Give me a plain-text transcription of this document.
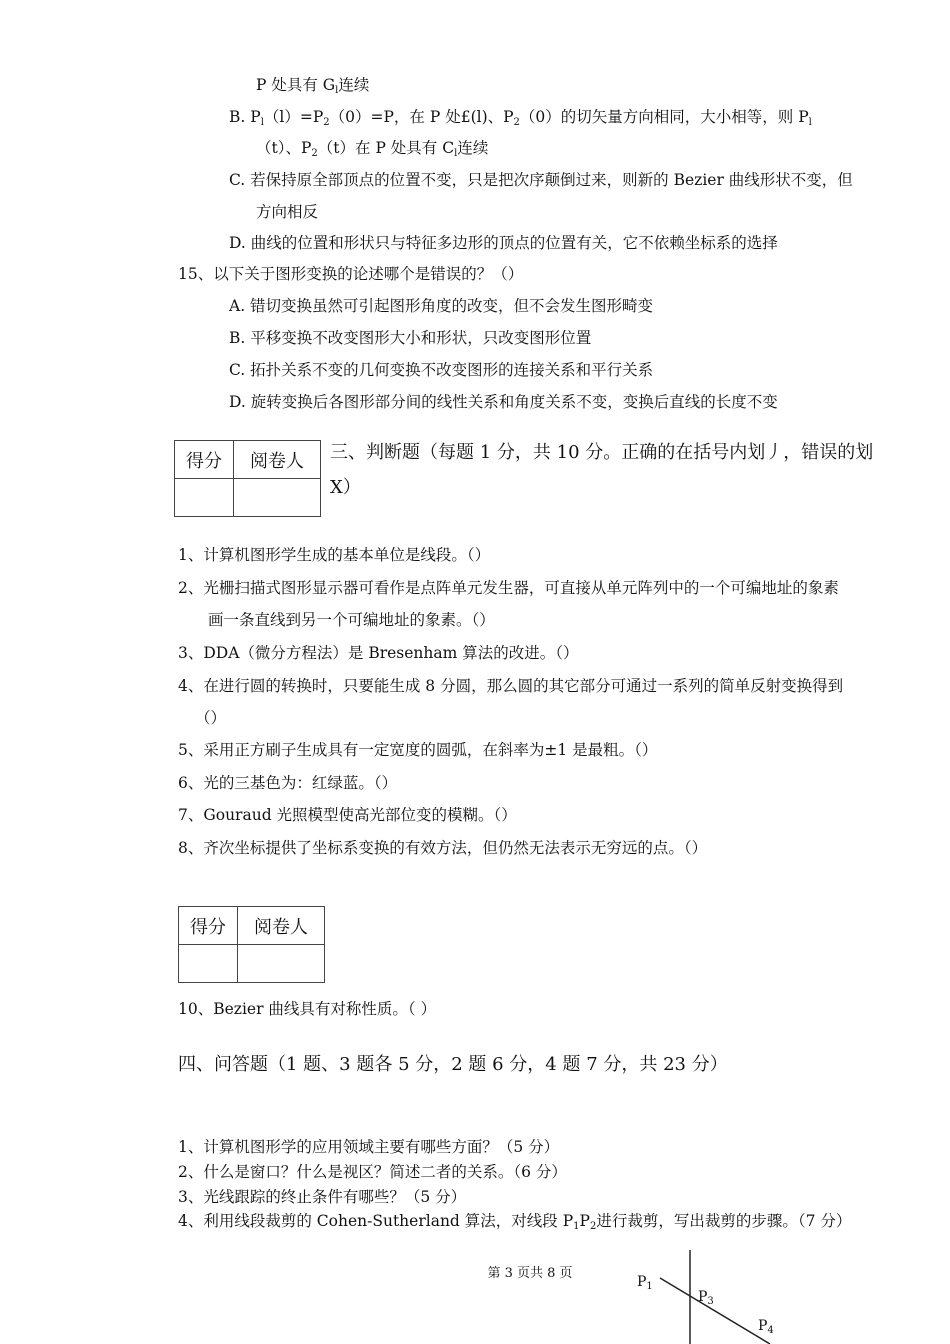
P 处具有 $G_l$连续
B. $P_l(l)=P_2(0)=P$，在 P 处£(l)、$P_2(0)$的切矢量方向相同，大小相等，则 $P_l$
（t）、$P_2(t)$在 P 处具有 $C_l$连续
C. 若保持原全部顶点的位置不变，只是把次序颠倒过来，则新的 Bezier 曲线形状不变，但
方向相反
D. 曲线的位置和形状只与特征多边形的顶点的位置有关，它不依赖坐标系的选择
15、以下关于图形变换的论述哪个是错误的？（）
A. 错切变换虽然可引起图形角度的改变，但不会发生图形畸变
B. 平移变换不改变图形大小和形状，只改变图形位置
C. 拓扑关系不变的几何变换不改变图形的连接关系和平行关系
D. 旋转变换后各图形部分间的线性关系和角度关系不变，变换后直线的长度不变
得分	阅卷人
	三、判断题（每题 1 分，共 10 分。正确的在括号内划丿，错误的划
X）
1、计算机图形学生成的基本单位是线段。（）
2、光栅扫描式图形显示器可看作是点阵单元发生器，可直接从单元阵列中的一个可编地址的象素
画一条直线到另一个可编地址的象素。（）
3、DDA（微分方程法）是 Bresenham 算法的改进。（）
4、在进行圆的转换时，只要能生成 8 分圆，那么圆的其它部分可通过一系列的简单反射变换得到
（）
5、采用正方刷子生成具有一定宽度的圆弧，在斜率为±1 是最粗。（）
6、光的三基色为：红绿蓝。（）
7、Gouraud 光照模型使高光部位变的模糊。（）
8、齐次坐标提供了坐标系变换的有效方法，但仍然无法表示无穷远的点。（）
得分	阅卷人

10、Bezier 曲线具有对称性质。（ ）
四、问答题（1 题、3 题各 5 分，2 题 6 分，4 题 7 分，共 23 分）
1、计算机图形学的应用领域主要有哪些方面？（5 分）
2、什么是窗口？什么是视区？简述二者的关系。（6 分）
3、光线跟踪的终止条件有哪些？（5 分）
4、利用线段裁剪的 Cohen-Sutherland 算法，对线段 $P_1P_2$进行裁剪，写出裁剪的步骤。（7 分）
第 3 页共 8 页
$P_1$
$P_3$
$P_4$
